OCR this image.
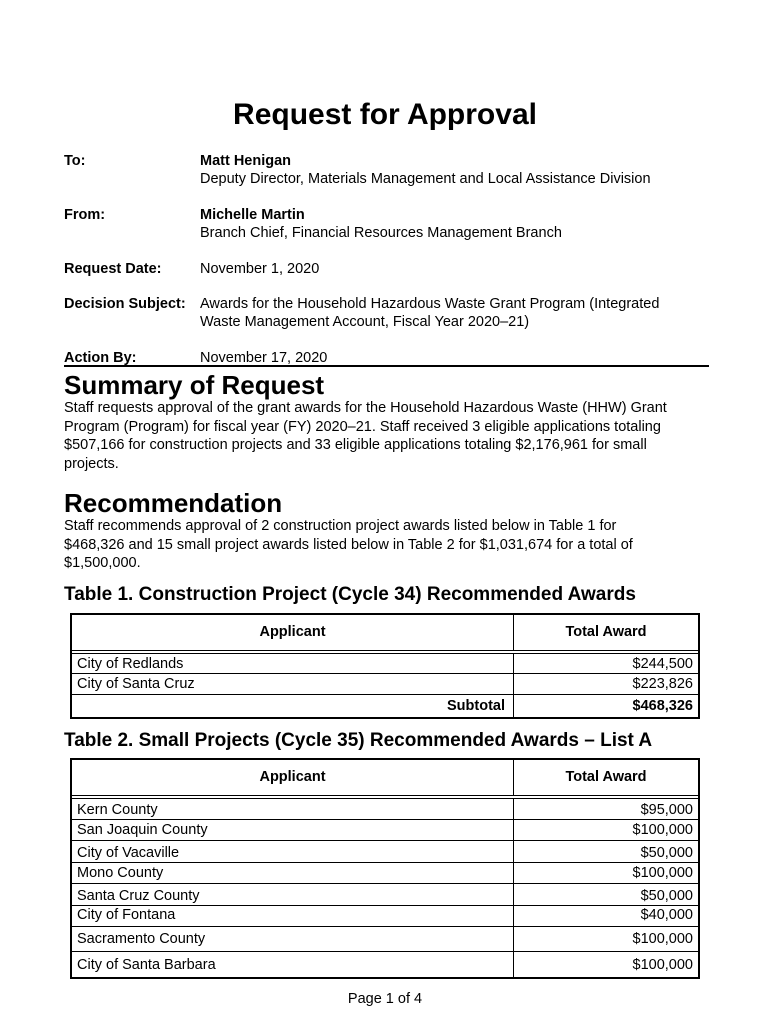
Request for Approval
To:	Matt Henigan
Deputy Director, Materials Management and Local Assistance Division
From:	Michelle Martin
Branch Chief, Financial Resources Management Branch
Request Date:	November 1, 2020
Decision Subject: Awards for the Household Hazardous Waste Grant Program (Integrated
Waste Management Account, Fiscal Year 2020–21)
Action By:	November 17, 2020
Summary of Request
Staff requests approval of the grant awards for the Household Hazardous Waste (HHW) Grant
Program (Program) for fiscal year (FY) 2020–21. Staff received 3 eligible applications totaling
$507,166 for construction projects and 33 eligible applications totaling $2,176,961 for small
projects.
Recommendation
Staff recommends approval of 2 construction project awards listed below in Table 1 for
$468,326 and 15 small project awards listed below in Table 2 for $1,031,674 for a total of
$1,500,000.
Table 1. Construction Project (Cycle 34) Recommended Awards
Applicant	Total Award
City of Redlands	$244,500
City of Santa Cruz	$223,826
Subtotal	$468,326
Table 2. Small Projects (Cycle 35) Recommended Awards – List A
Applicant	Total Award
Kern County	$95,000
San Joaquin County	$100,000
City of Vacaville	$50,000
Mono County	$100,000
Santa Cruz County	$50,000
City of Fontana	$40,000
Sacramento County	$100,000
City of Santa Barbara	$100,000
Page 1 of 4
